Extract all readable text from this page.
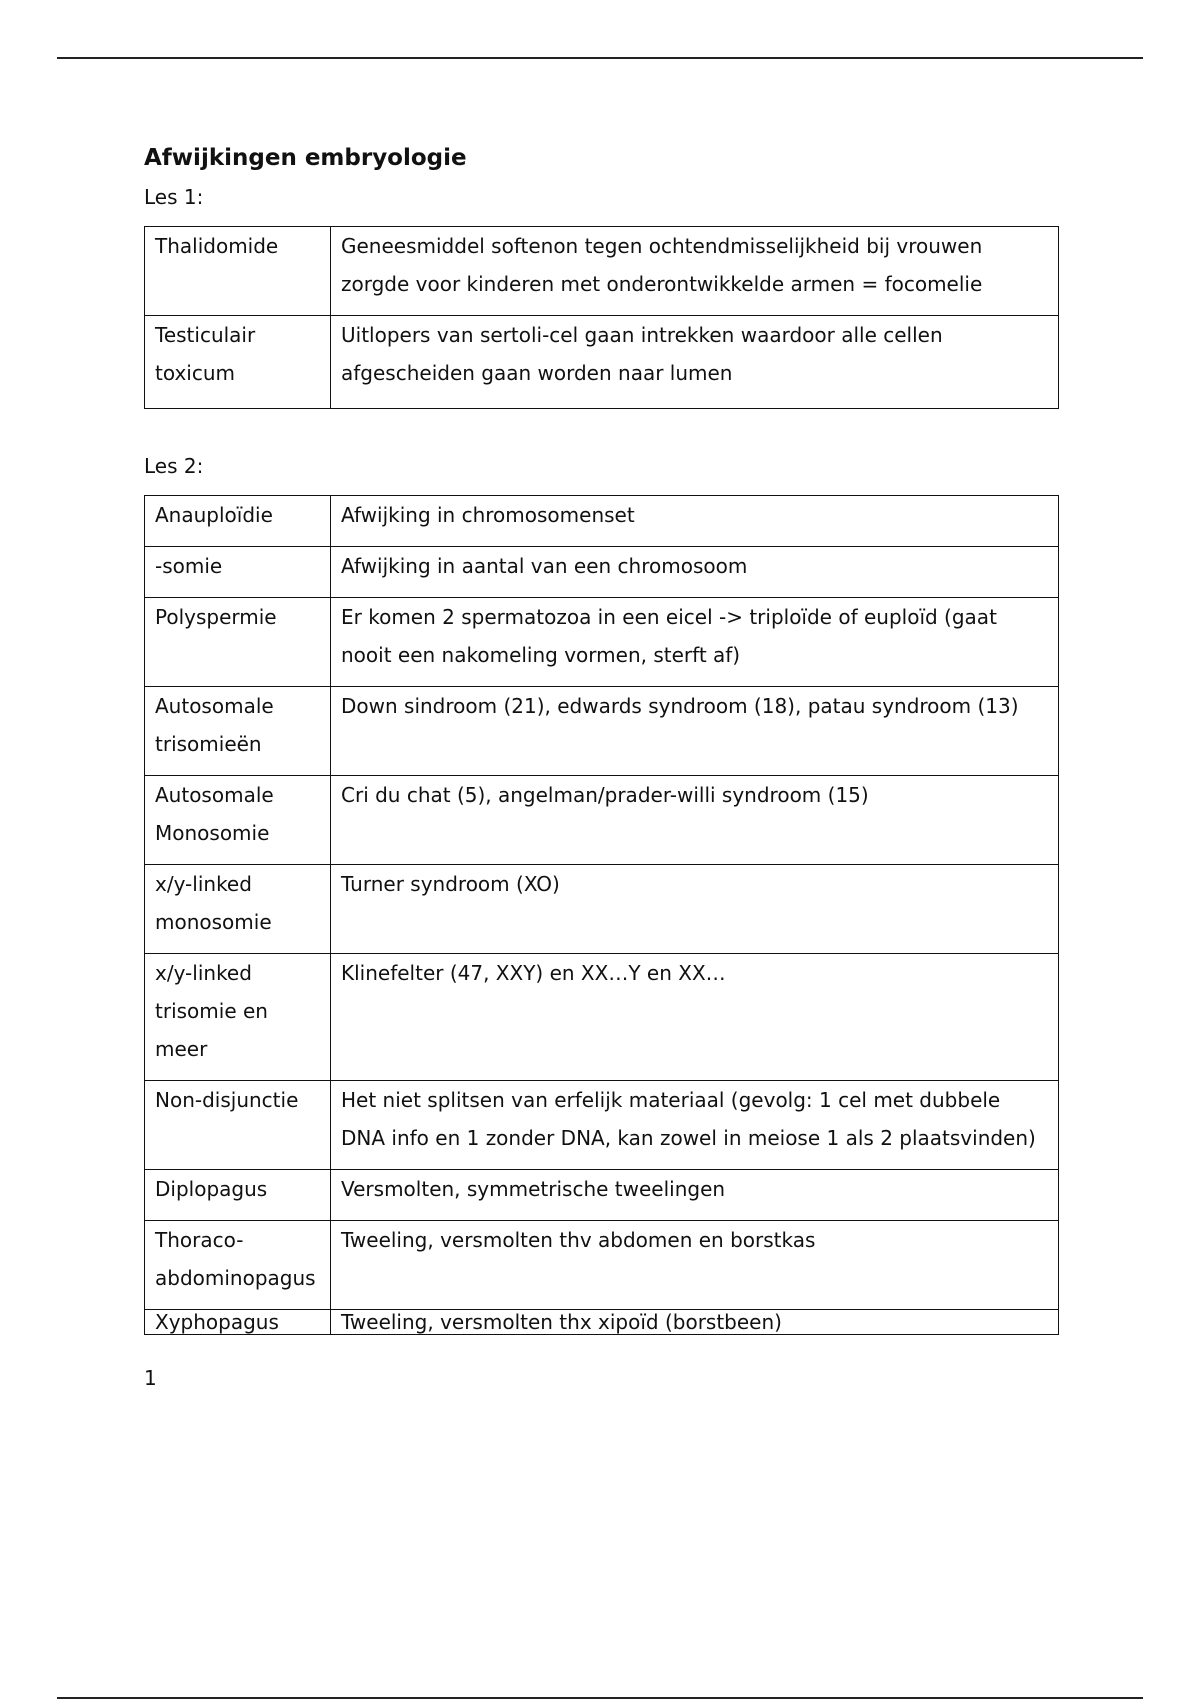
Afwijkingen embryologie
Les 1:
Thalidomide	Geneesmiddel softenon tegen ochtendmisselijkheid bij vrouwen zorgde voor kinderen met onderontwikkelde armen = focomelie
Testiculair toxicum	Uitlopers van sertoli-cel gaan intrekken waardoor alle cellen afgescheiden gaan worden naar lumen
Les 2:
Anauploïdie	Afwijking in chromosomenset
-somie	Afwijking in aantal van een chromosoom
Polyspermie	Er komen 2 spermatozoa in een eicel -> triploïde of euploïd (gaat nooit een nakomeling vormen, sterft af)
Autosomale trisomieën	Down sindroom (21), edwards syndroom (18), patau syndroom (13)
Autosomale Monosomie	Cri du chat (5), angelman/prader-willi syndroom (15)
x/y-linked monosomie	Turner syndroom (XO)
x/y-linked trisomie en meer	Klinefelter (47, XXY) en XX…Y en XX…
Non-disjunctie	Het niet splitsen van erfelijk materiaal (gevolg: 1 cel met dubbele DNA info en 1 zonder DNA, kan zowel in meiose 1 als 2 plaatsvinden)
Diplopagus	Versmolten, symmetrische tweelingen
Thoraco-abdominopagus	Tweeling, versmolten thv abdomen en borstkas
Xyphopagus	Tweeling, versmolten thx xipoïd (borstbeen)
1
